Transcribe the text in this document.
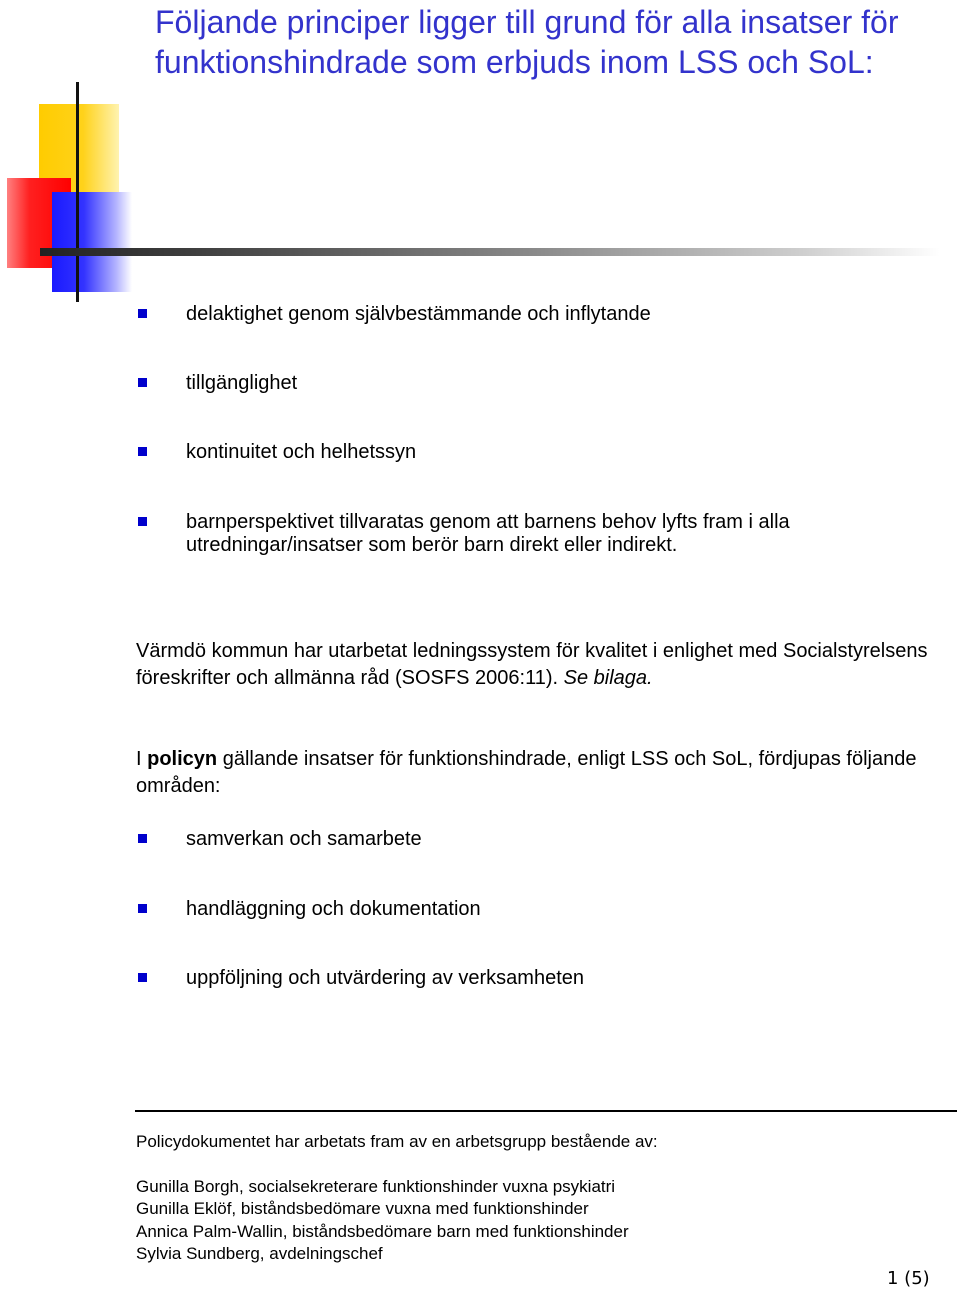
Följande principer ligger till grund för alla insatser för funktionshindrade som erbjuds inom LSS och SoL:
delaktighet genom självbestämmande och inflytande
tillgänglighet
kontinuitet och helhetssyn
barnperspektivet tillvaratas genom att barnens behov lyfts fram i alla utredningar/insatser som berör barn direkt eller indirekt.
Värmdö kommun har utarbetat ledningssystem för kvalitet i enlighet med Socialstyrelsens föreskrifter och allmänna råd (SOSFS 2006:11). Se bilaga.
I policyn gällande insatser för funktionshindrade, enligt LSS och SoL, fördjupas följande områden:
samverkan och samarbete
handläggning och dokumentation
uppföljning och utvärdering av verksamheten
Policydokumentet har arbetats fram av en arbetsgrupp bestående av:
Gunilla Borgh, socialsekreterare funktionshinder vuxna psykiatri
Gunilla Eklöf, biståndsbedömare vuxna med funktionshinder
Annica Palm-Wallin, biståndsbedömare barn med funktionshinder
Sylvia Sundberg, avdelningschef
1 (5)
